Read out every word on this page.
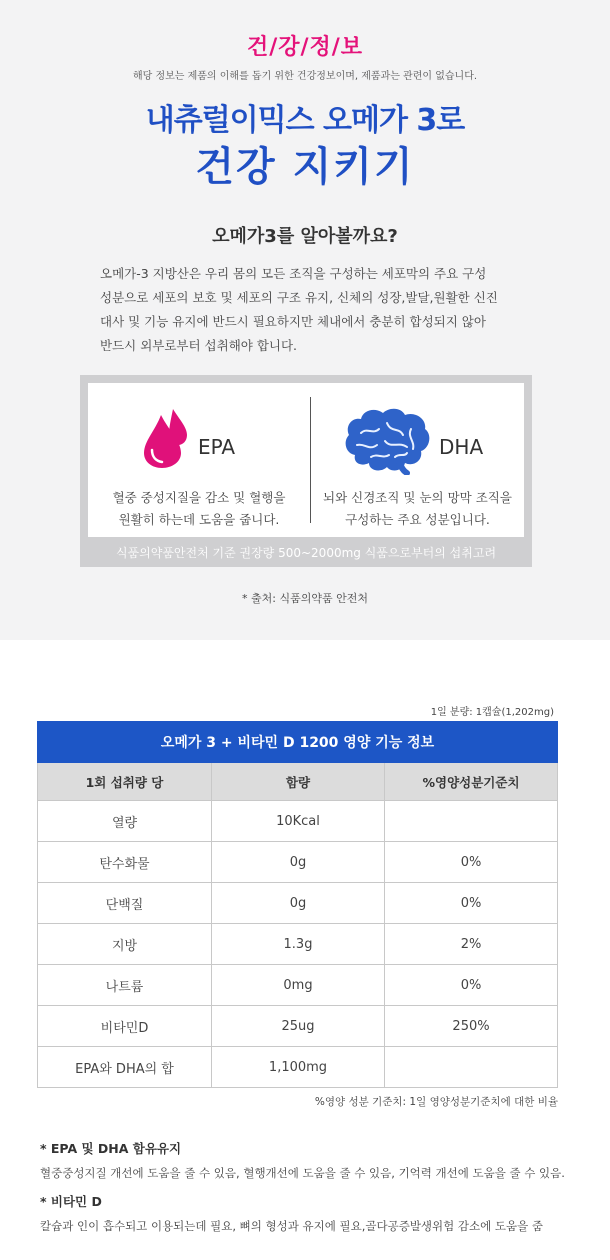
건/강/정/보
해당 정보는 제품의 이해를 돕기 위한 건강정보이며, 제품과는 관련이 없습니다.
내츄럴이믹스 오메가 3로
건강 지키기
오메가3를 알아볼까요?
오메가-3 지방산은 우리 몸의 모든 조직을 구성하는 세포막의 주요 구성
성분으로 세포의 보호 및 세포의 구조 유지, 신체의 성장,발달,원활한 신진
대사 및 기능 유지에 반드시 필요하지만 체내에서 충분히 합성되지 않아
반드시 외부로부터 섭취해야 합니다.
EPA
혈중 중성지질을 감소 및 혈행을
원활히 하는데 도움을 줍니다.
DHA
뇌와 신경조직 및 눈의 망막 조직을
구성하는 주요 성분입니다.
식품의약품안전처 기준 권장량 500~2000mg 식품으로부터의 섭취고려
* 출처: 식품의약품 안전처
1일 분량: 1캡슐(1,202mg)
오메가 3 + 비타민 D 1200 영양 기능 정보		
1회 섭취량 당	함량	%영양성분기준치
열량	10Kcal	
탄수화물	0g	0%
단백질	0g	0%
지방	1.3g	2%
나트륨	0mg	0%
비타민D	25ug	250%
EPA와 DHA의 합	1,100mg	
%영양 성분 기준치: 1일 영양성분기준치에 대한 비율
* EPA 및 DHA 함유유지
혈중중성지질 개선에 도움을 줄 수 있음, 혈행개선에 도움을 줄 수 있음, 기억력 개선에 도움을 줄 수 있음.
* 비타민 D
칼슘과 인이 흡수되고 이용되는데 필요, 뼈의 형성과 유지에 필요,골다공증발생위험 감소에 도움을 줌
